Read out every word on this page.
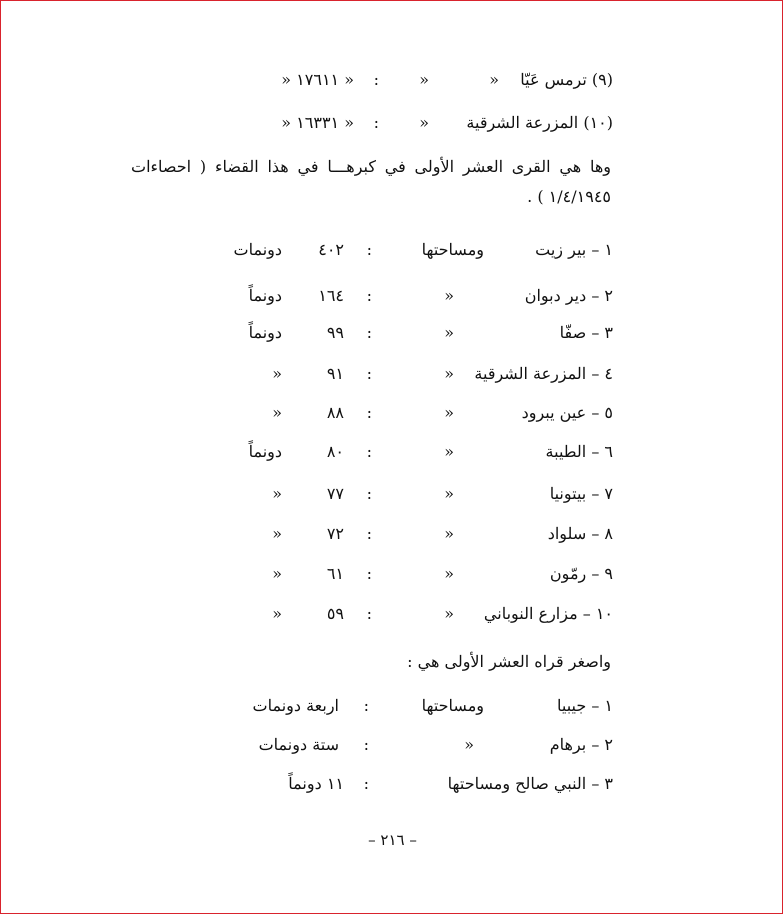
(٩) ترمس عَيّا
«
«
:
« ١٧٦١١ «
(١٠) المزرعة الشرقية
«
:
« ١٦٣٣١ «
وها هي القرى العشر الأولى في كبرهـــا في هذا القضاء ( احصاءات ١/٤/١٩٤٥ ) .
١ – بير زيت
ومساحتها
:
٤٠٢
دونمات
٢ – دير دبوان
«
:
١٦٤
دونماً
٣ – صفّا
«
:
٩٩
دونماً
٤ – المزرعة الشرقية
«
:
٩١
«
٥ – عين يبرود
«
:
٨٨
«
٦ – الطيبة
«
:
٨٠
دونماً
٧ – بيتونيا
«
:
٧٧
«
٨ – سلواد
«
:
٧٢
«
٩ – رمّون
«
:
٦١
«
١٠ – مزارع النوباني
«
:
٥٩
«
واصغر قراه العشر الأولى هي :
١ – جيبيا
ومساحتها
:
اربعة دونمات
٢ – برهام
«
:
ستة دونمات
٣ – النبي صالح ومساحتها
:
١١ دونماً
– ٢١٦ –
